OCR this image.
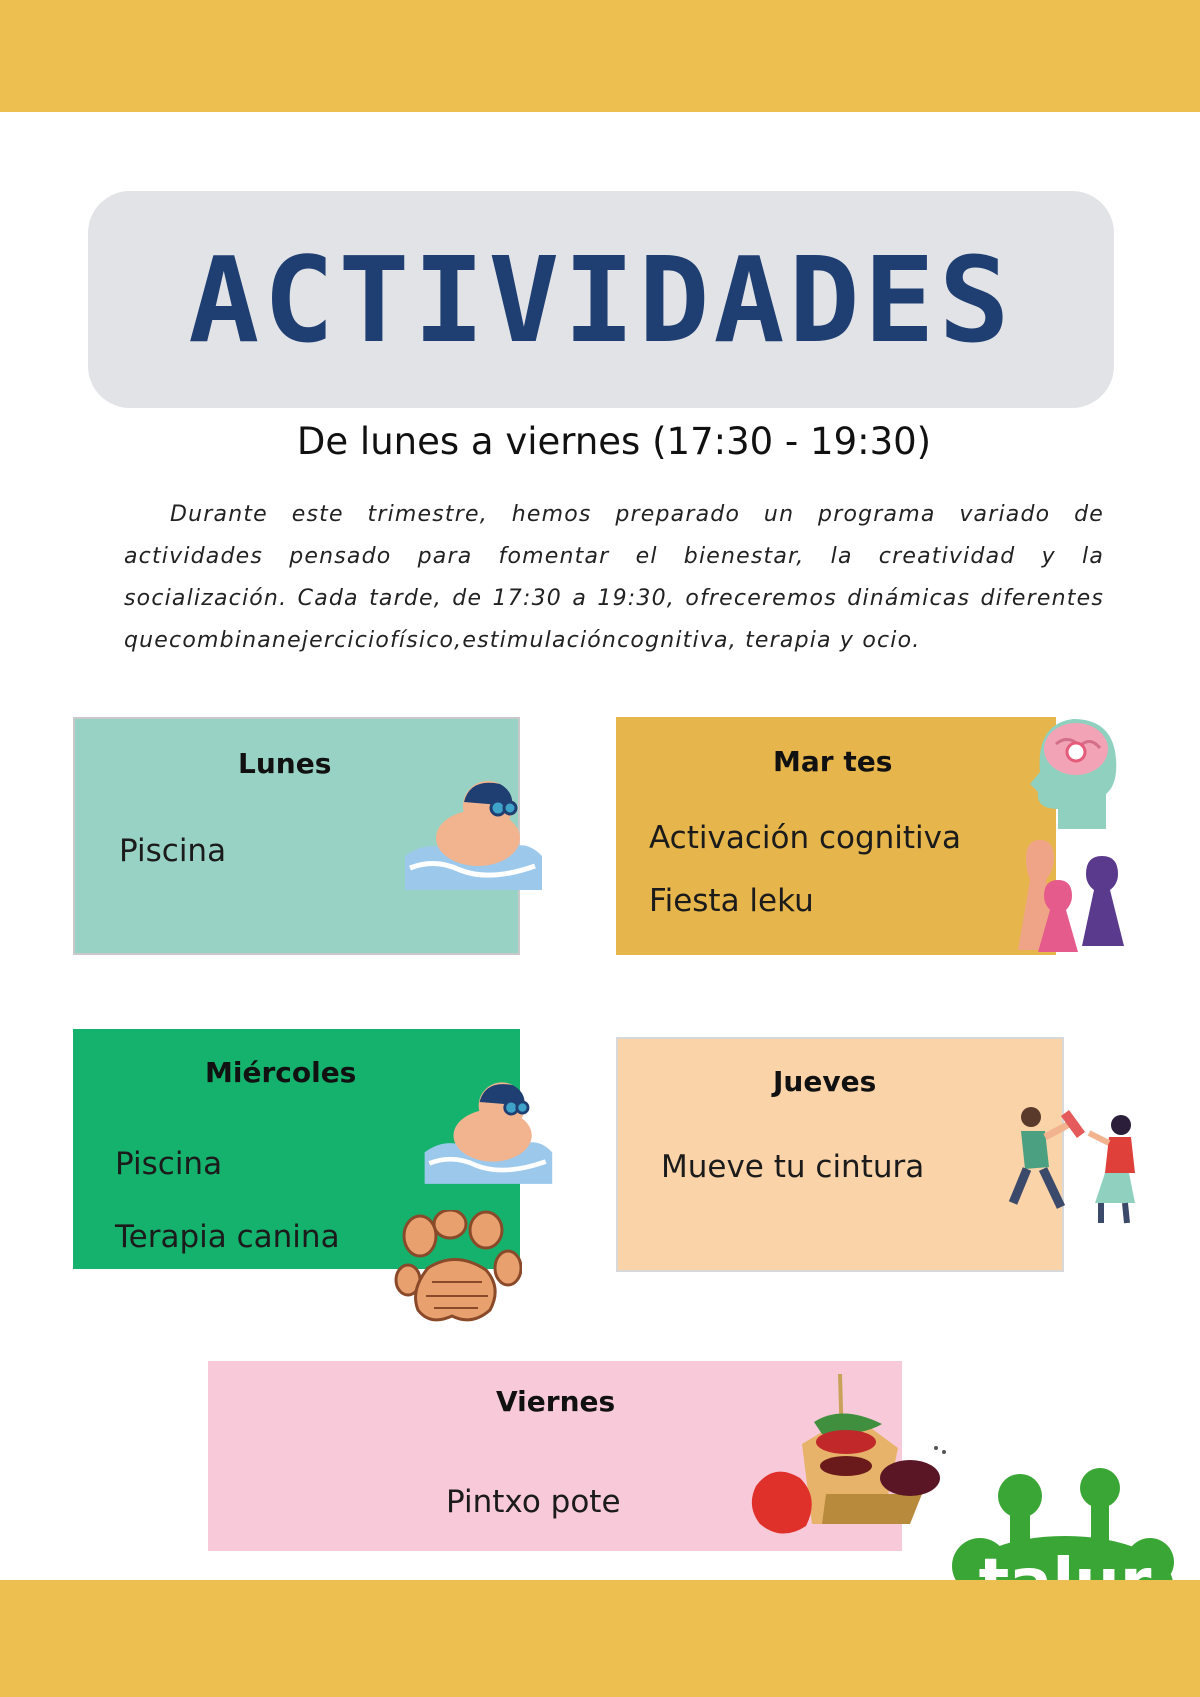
ACTIVIDADES
De lunes a viernes (17:30 - 19:30)
Durante este trimestre, hemos preparado un programa variado de actividades pensado para fomentar el bienestar, la creatividad y la socialización. Cada tarde, de 17:30 a 19:30, ofreceremos dinámicas diferentes quecombinanejerciciofísico,estimulacióncognitiva, terapia y ocio.
Lunes
Piscina
Mar tes
Activación cognitiva
Fiesta leku
Miércoles
Piscina
Terapia canina
Jueves
Mueve tu cintura
Viernes
Pintxo pote
